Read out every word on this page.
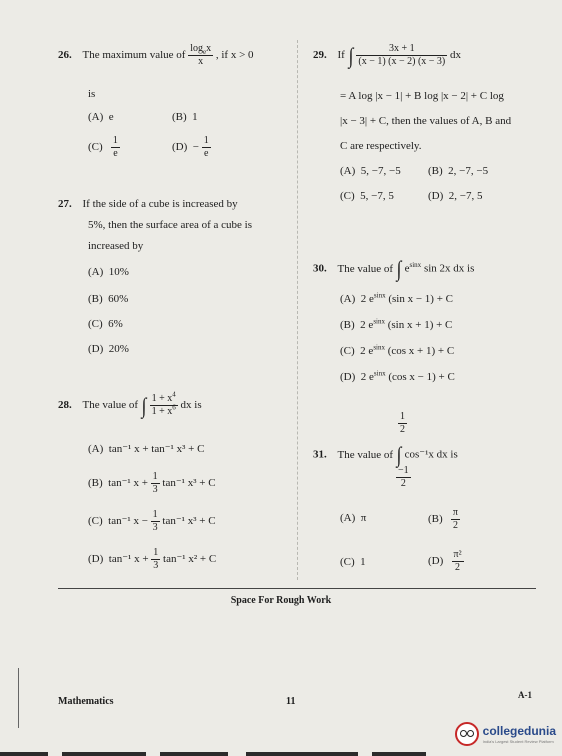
26. The maximum value of $\frac{\log_ex}{x}$ , if x > 0
is
(A) e	(B) 1
$(C) \frac{1}{e}$	$(D) - \frac{1}{e}$
27. If the side of a cube is increased by
5%, then the surface area of a cube is
increased by
(A) 10%
(B) 60%
(C) 6%
(D) 20%
28. The value of ∫ $\frac{1 + x^4}{1 + x^6}$ dx is
(A) tan⁻¹ x + tan⁻¹ x³ + C
(B) tan⁻¹ $x + \frac{1}{3} \tan^{-1}$ x³ + C
(C) tan⁻¹ $x - \frac{1}{3} \tan^{-1}$ x³ + C
(D) tan⁻¹ $x + \frac{1}{3} \tan^{-1}$ x² + C
29. If ∫ $\frac{3x + 1}{(x - 1) (x - 2) (x - 3)}$ dx
= A log |x − 1| + B log |x − 2| + C log
|x − 3| + C, then the values of A, B and
C are respectively.
(A) 5, −7, −5 (B) 2, −7, −5
(C) 5, −7, 5	(D) 2, −7, 5
30. The value of ∫ $e^{sinx}$ sin 2x dx is
(A) 2 $e^{sinx}$ (sin x − 1) + C
(B) 2 $e^{sinx}$ (sin x + 1) + C
(C) 2 $e^{sinx}$ (cos x + 1) + C
(D) 2 $e^{sinx}$ (cos x − 1) + C
$\frac{1}{2}$
31. The value of ∫ cos⁻¹x dx is
$\frac{-1}{2}$
(A) π	$(B) \frac{\pi}{2}$
(C) 1	$(D) \frac{\text{π²}}{2}$
Space For Rough Work
Mathematics	11
A-1
collegedunia
India's Largest Student Review Platform
